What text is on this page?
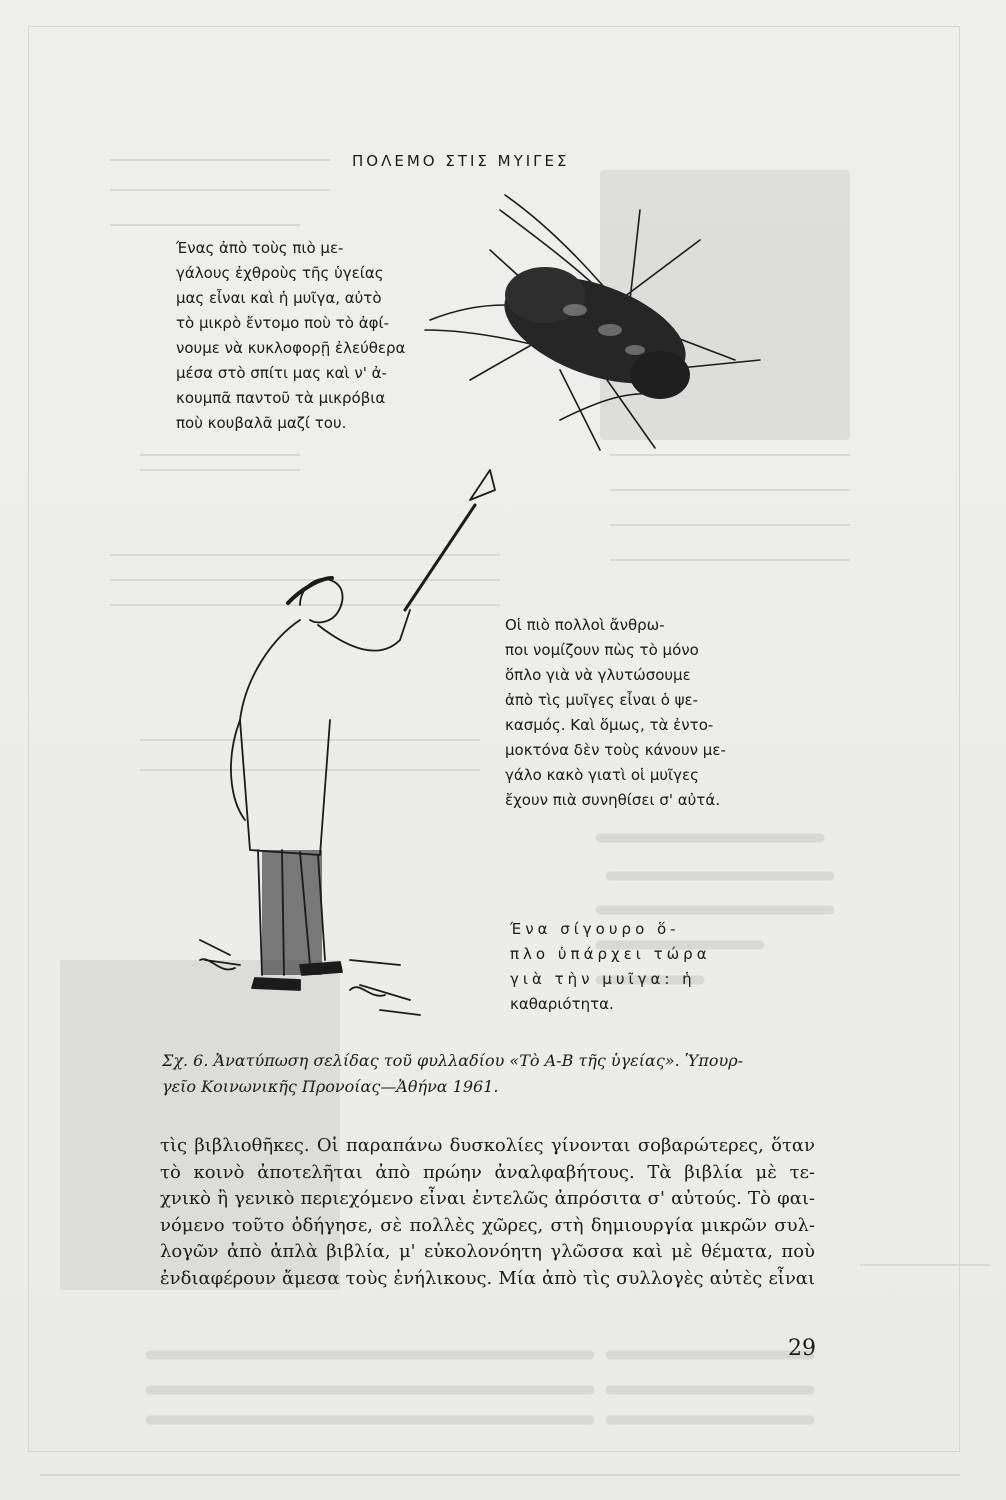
ΠΟΛΕΜΟ ΣΤΙΣ ΜΥΙΓΕΣ
Ένας ἀπὸ τοὺς πιὸ με-
γάλους ἐχθροὺς τῆς ὑγείας
μας εἶναι καὶ ἡ μυῖγα, αὐτὸ
τὸ μικρὸ ἔντομο ποὺ τὸ ἀφί-
νουμε νὰ κυκλοφορῇ ἐλεύθερα
μέσα στὸ σπίτι μας καὶ ν' ἀ-
κουμπᾶ παντοῦ τὰ μικρόβια
ποὺ κουβαλᾶ μαζί του.
Οἱ πιὸ πολλοὶ ἄνθρω-
ποι νομίζουν πὼς τὸ μόνο
ὅπλο γιὰ νὰ γλυτώσουμε
ἀπὸ τὶς μυῖγες εἶναι ὁ ψε-
κασμός. Καὶ ὅμως, τὰ ἐντο-
μοκτόνα δὲν τοὺς κάνουν με-
γάλο κακὸ γιατὶ οἱ μυῖγες
ἔχουν πιὰ συνηθίσει σ' αὐτά.
Ένα σίγουρο ὅ-
πλο ὑπάρχει τώρα
γιὰ τὴν μυῖγα: ἡ
καθαριότητα.
Σχ. 6. Ἀνατύπωση σελίδας τοῦ φυλλαδίου «Τὸ Α-Β τῆς ὑγείας». Ὑπουρ-
γεῖο Κοινωνικῆς Προνοίας—Ἀθήνα 1961.
τὶς βιβλιοθῆκες. Οἱ παραπάνω δυσκολίες γίνονται σοβαρώτερες, ὅταν
τὸ κοινὸ ἀποτελῆται ἀπὸ πρώην ἀναλφαβήτους. Τὰ βιβλία μὲ τε-
χνικὸ ἢ γενικὸ περιεχόμενο εἶναι ἐντελῶς ἀπρόσιτα σ' αὐτούς. Τὸ φαι-
νόμενο τοῦτο ὁδήγησε, σὲ πολλὲς χῶρες, στὴ δημιουργία μικρῶν συλ-
λογῶν ἀπὸ ἁπλὰ βιβλία, μ' εὐκολονόητη γλῶσσα καὶ μὲ θέματα, ποὺ
ἐνδιαφέρουν ἄμεσα τοὺς ἐνήλικους. Μία ἀπὸ τὶς συλλογὲς αὐτὲς εἶναι
29
